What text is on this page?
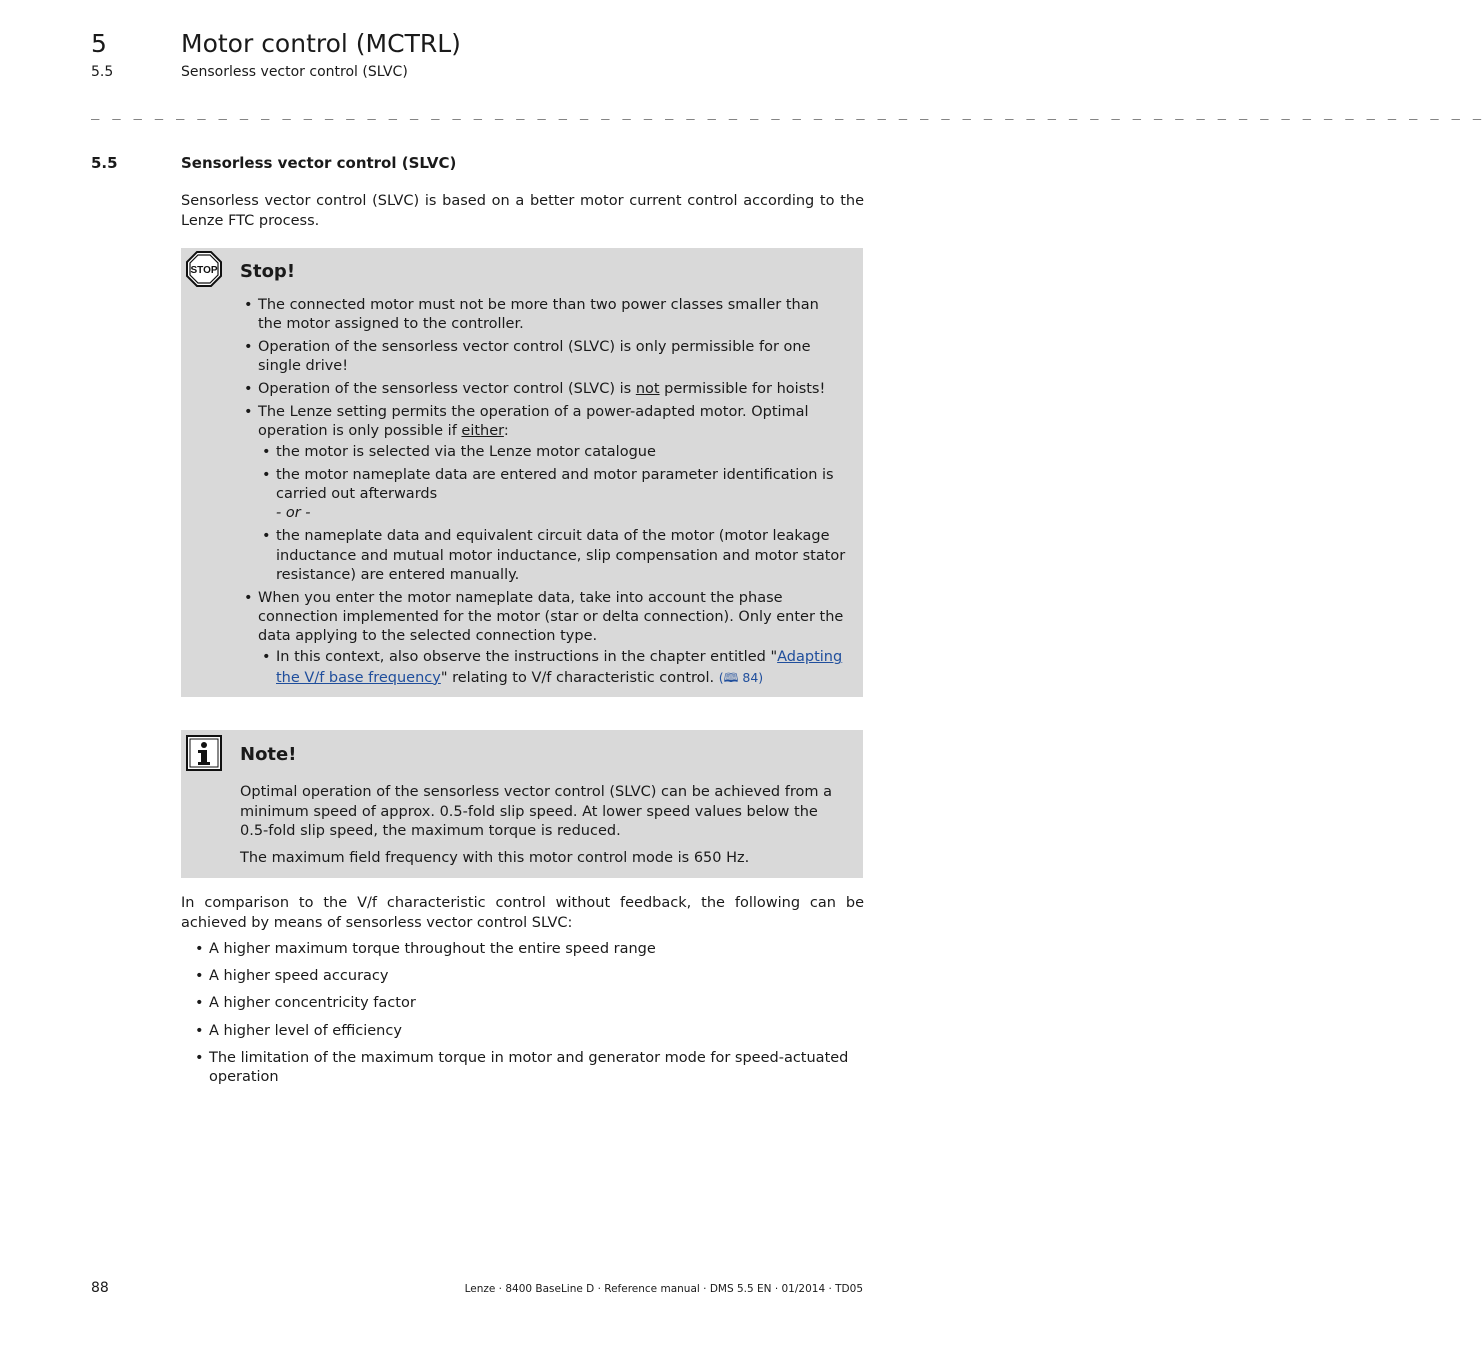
5	Motor control (MCTRL)
5.5	Sensorless vector control (SLVC)
_ _ _ _ _ _ _ _ _ _ _ _ _ _ _ _ _ _ _ _ _ _ _ _ _ _ _ _ _ _ _ _ _ _ _ _ _ _ _ _ _ _ _ _ _ _ _ _ _ _ _ _ _ _ _ _ _ _ _ _ _ _ _ _ _ _
5.5	Sensorless vector control (SLVC)

Sensorless vector control (SLVC) is based on a better motor current control according to the Lenze FTC process.

STOP Stop!
• The connected motor must not be more than two power classes smaller than the motor assigned to the controller.
• Operation of the sensorless vector control (SLVC) is only permissible for one single drive!
• Operation of the sensorless vector control (SLVC) is not permissible for hoists!
• The Lenze setting permits the operation of a power-adapted motor. Optimal operation is only possible if either:
• the motor is selected via the Lenze motor catalogue
• the motor nameplate data are entered and motor parameter identification is carried out afterwards
- or -
• the nameplate data and equivalent circuit data of the motor (motor leakage inductance and mutual motor inductance, slip compensation and motor stator resistance) are entered manually.
• When you enter the motor nameplate data, take into account the phase connection implemented for the motor (star or delta connection). Only enter the data applying to the selected connection type.
• In this context, also observe the instructions in the chapter entitled "Adapting the V/f base frequency" relating to V/f characteristic control. (🕮 84)
Note!

Optimal operation of the sensorless vector control (SLVC) can be achieved from a minimum speed of approx. 0.5-fold slip speed. At lower speed values below the 0.5-fold slip speed, the maximum torque is reduced.

The maximum field frequency with this motor control mode is 650 Hz.

In comparison to the V/f characteristic control without feedback, the following can be achieved by means of sensorless vector control SLVC:

• A higher maximum torque throughout the entire speed range
• A higher speed accuracy
• A higher concentricity factor
• A higher level of efficiency
• The limitation of the maximum torque in motor and generator mode for speed-actuated operation
88	Lenze · 8400 BaseLine D · Reference manual · DMS 5.5 EN · 01/2014 · TD05
